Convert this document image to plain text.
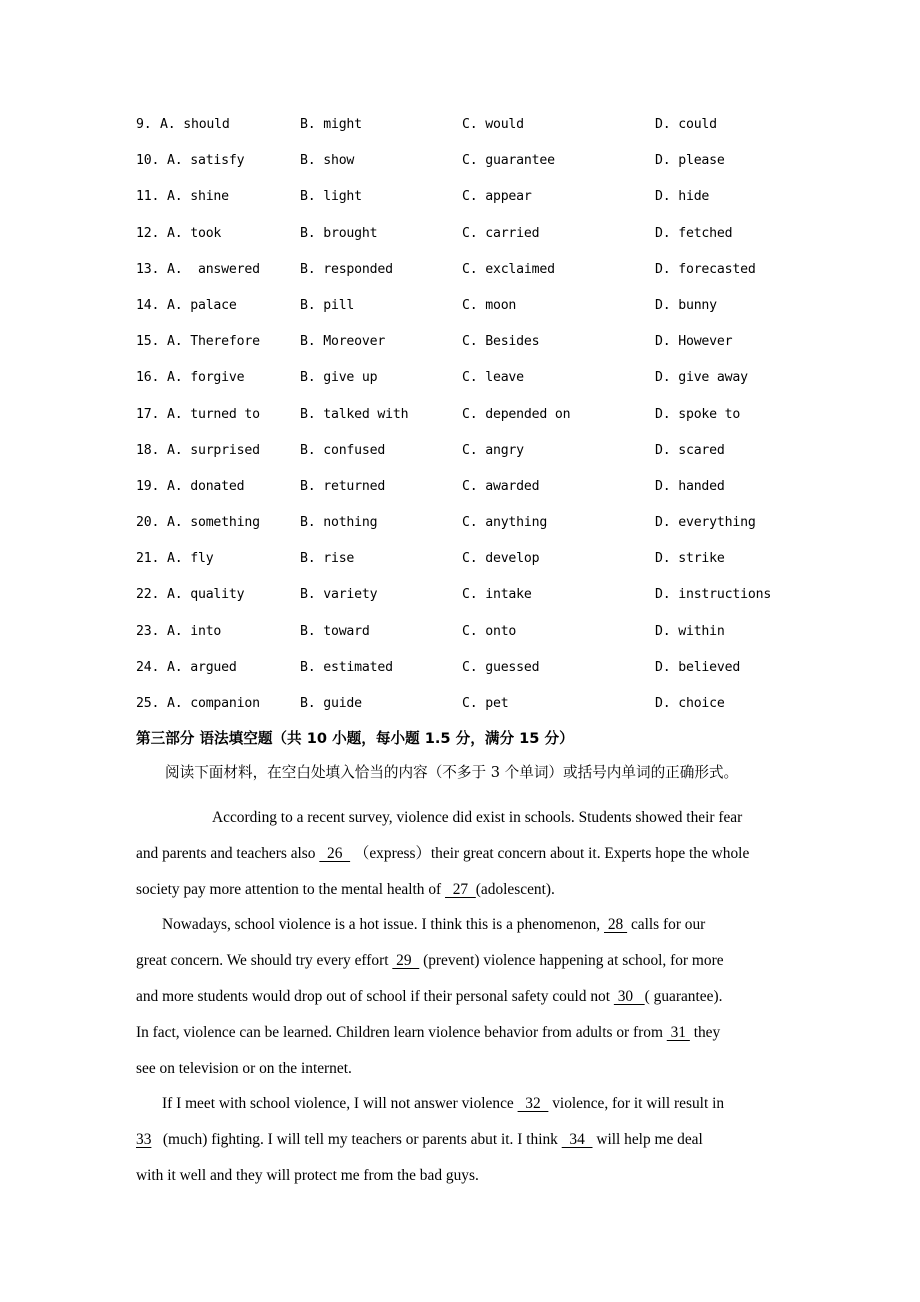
9. A. should	B. might	C. would	D. could
10. A. satisfy	B. show	C. guarantee	D. please
11. A. shine	B. light	C. appear	D. hide
12. A. took	B. brought	C. carried	D. fetched
13. A.  answered	B. responded	C. exclaimed	D. forecasted
14. A. palace	B. pill	C. moon	D. bunny
15. A. Therefore	B. Moreover	C. Besides	D. However
16. A. forgive	B. give up	C. leave	D. give away
17. A. turned to	B. talked with	C. depended on	D. spoke to
18. A. surprised	B. confused	C. angry	D. scared
19. A. donated	B. returned	C. awarded	D. handed
20. A. something	B. nothing	C. anything	D. everything
21. A. fly	B. rise	C. develop	D. strike
22. A. quality	B. variety	C. intake	D. instructions
23. A. into	B. toward	C. onto	D. within
24. A. argued	B. estimated	C. guessed	D. believed
25. A. companion	B. guide	C. pet	D. choice
第三部分 语法填空题（共 10 小题，每小题 1.5 分，满分 15 分）
阅读下面材料，在空白处填入恰当的内容（不多于 3 个单词）或括号内单词的正确形式。
According to a recent survey, violence did exist in schools. Students showed their fear
and parents and teachers also   26   （express）their great concern about it. Experts hope the whole
society pay more attention to the mental health of   27  (adolescent).
Nowadays, school violence is a hot issue. I think this is a phenomenon,  28  calls for our
great concern. We should try every effort  29   (prevent) violence happening at school, for more
and more students would drop out of school if their personal safety could not  30   ( guarantee).
In fact, violence can be learned. Children learn violence behavior from adults or from  31  they
see on television or on the internet.
If I meet with school violence, I will not answer violence   32   violence, for it will result in
33   (much) fighting. I will tell my teachers or parents abut it. I think   34   will help me deal
with it well and they will protect me from the bad guys.
